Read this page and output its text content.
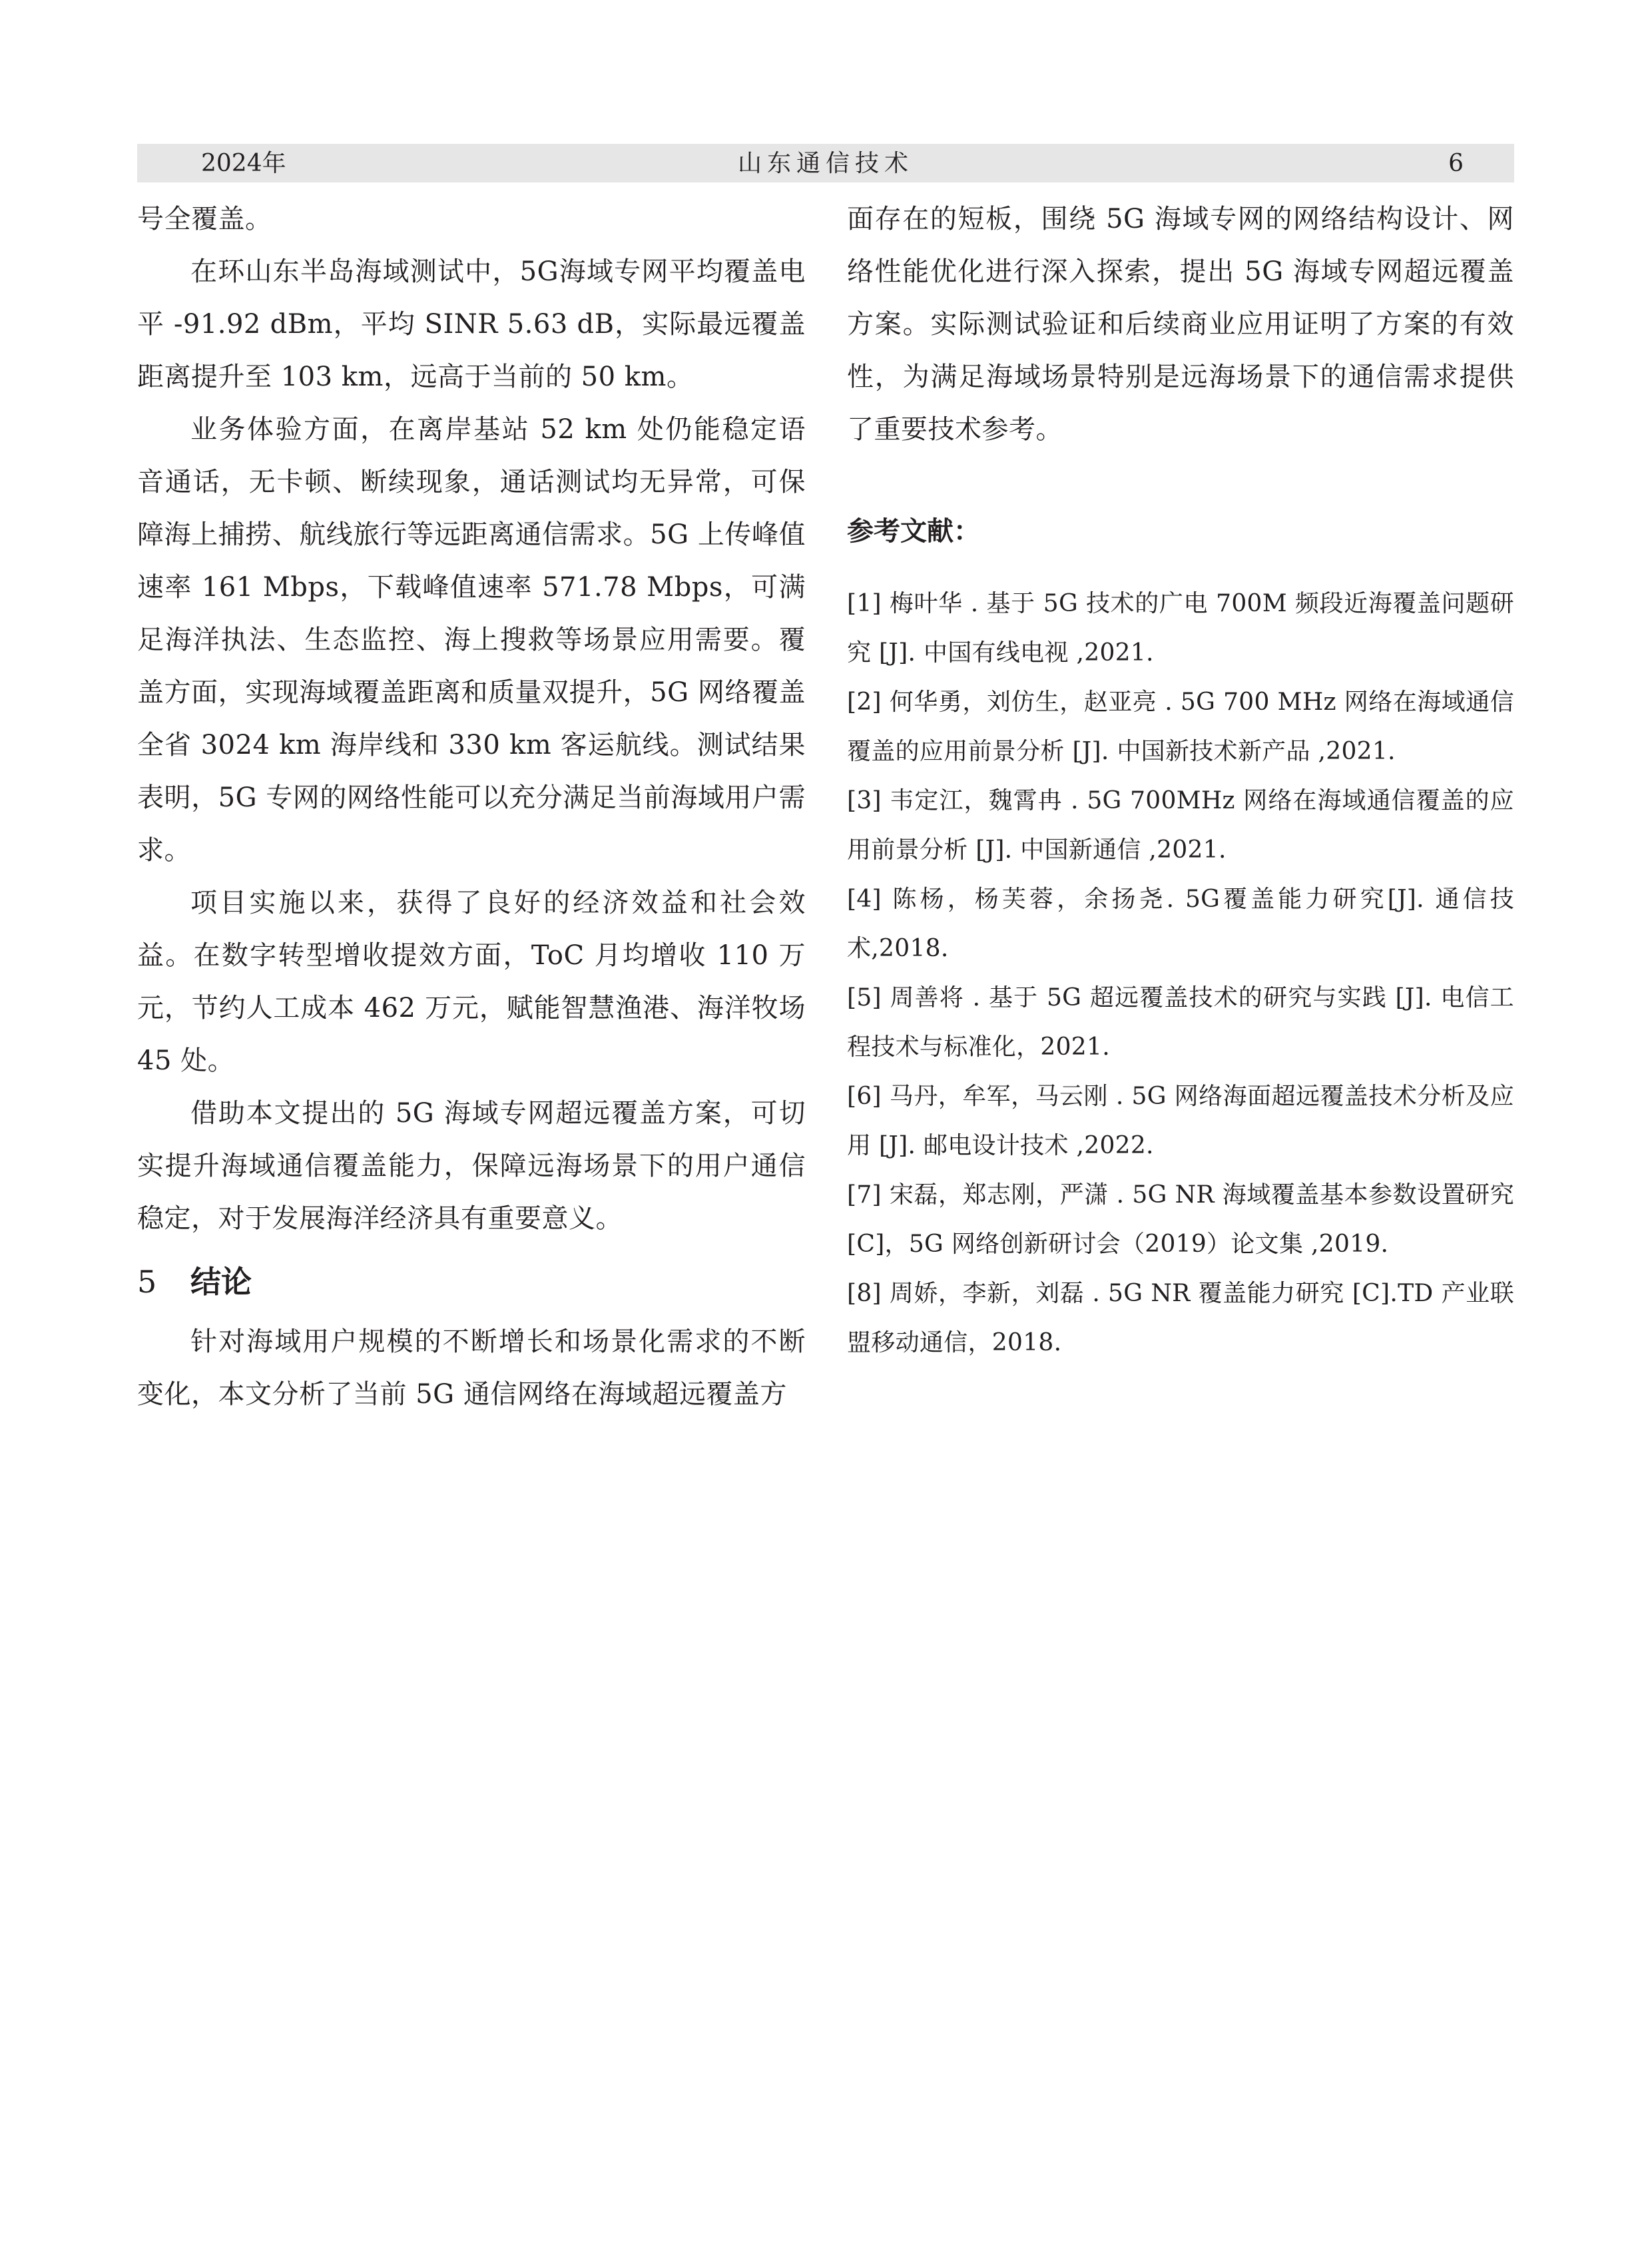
2024年	山东通信技术	6

号全覆盖。

在环山东半岛海域测试中，5G海域专网平均覆盖电平 -91.92 dBm，平均 SINR 5.63 dB，实际最远覆盖距离提升至 103 km，远高于当前的 50 km。

业务体验方面，在离岸基站 52 km 处仍能稳定语音通话，无卡顿、断续现象，通话测试均无异常，可保障海上捕捞、航线旅行等远距离通信需求。5G 上传峰值速率 161 Mbps，下载峰值速率 571.78 Mbps，可满足海洋执法、生态监控、海上搜救等场景应用需要。覆盖方面，实现海域覆盖距离和质量双提升，5G 网络覆盖全省 3024 km 海岸线和 330 km 客运航线。测试结果表明，5G 专网的网络性能可以充分满足当前海域用户需求。

项目实施以来，获得了良好的经济效益和社会效益。在数字转型增收提效方面，ToC 月均增收 110 万元，节约人工成本 462 万元，赋能智慧渔港、海洋牧场 45 处。

借助本文提出的 5G 海域专网超远覆盖方案，可切实提升海域通信覆盖能力，保障远海场景下的用户通信稳定，对于发展海洋经济具有重要意义。

5 结论

针对海域用户规模的不断增长和场景化需求的不断变化，本文分析了当前 5G 通信网络在海域超远覆盖方

面存在的短板，围绕 5G 海域专网的网络结构设计、网络性能优化进行深入探索，提出 5G 海域专网超远覆盖方案。实际测试验证和后续商业应用证明了方案的有效性，为满足海域场景特别是远海场景下的通信需求提供了重要技术参考。

参考文献：
[1] 梅叶华 . 基于 5G 技术的广电 700M 频段近海覆盖问题研究 [J]. 中国有线电视 ,2021.
[2] 何华勇，刘仿生，赵亚亮 . 5G 700 MHz 网络在海域通信覆盖的应用前景分析 [J]. 中国新技术新产品 ,2021.
[3] 韦定江，魏霄冉 . 5G 700MHz 网络在海域通信覆盖的应用前景分析 [J]. 中国新通信 ,2021.
[4] 陈杨，杨芙蓉，余扬尧. 5G覆盖能力研究[J]. 通信技术,2018.
[5] 周善将 . 基于 5G 超远覆盖技术的研究与实践 [J]. 电信工程技术与标准化，2021.
[6] 马丹，牟军，马云刚 . 5G 网络海面超远覆盖技术分析及应用 [J]. 邮电设计技术 ,2022.
[7] 宋磊，郑志刚，严潇 . 5G NR 海域覆盖基本参数设置研究 [C]，5G 网络创新研讨会（2019）论文集 ,2019.
[8] 周娇，李新，刘磊 . 5G NR 覆盖能力研究 [C].TD 产业联盟移动通信，2018.
